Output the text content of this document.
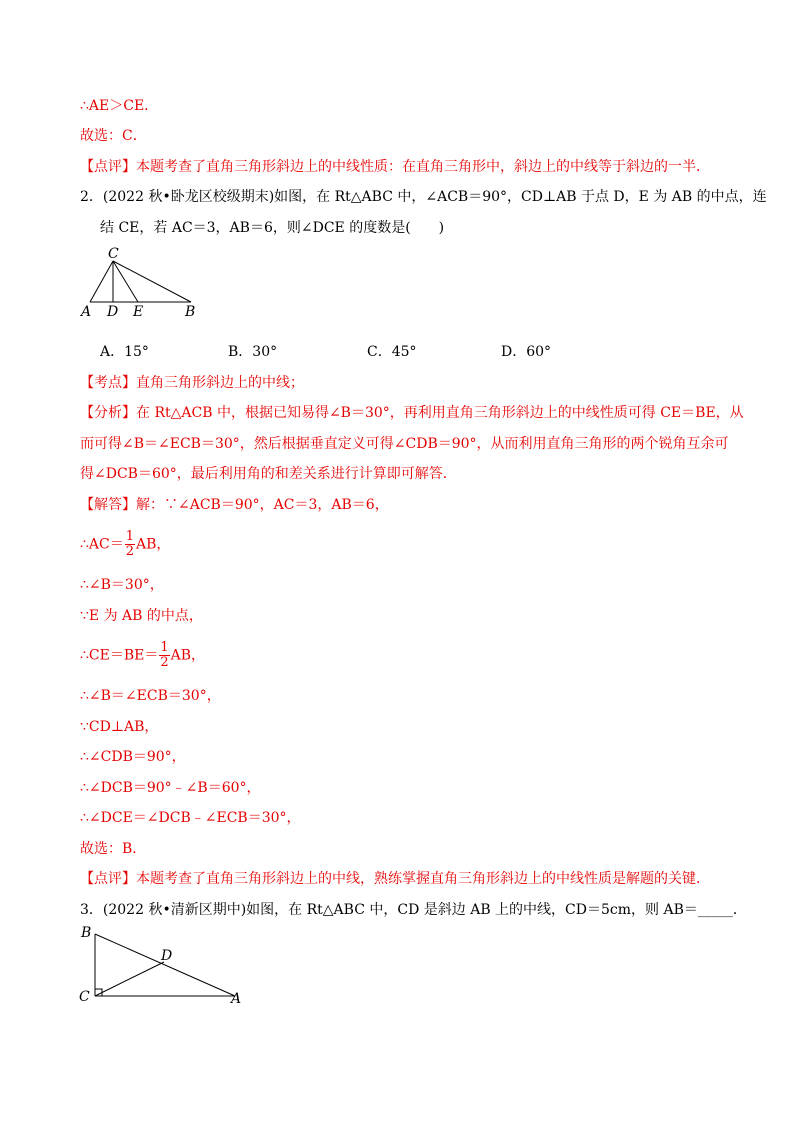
∴AE＞CE．
故选：C．
【点评】本题考查了直角三角形斜边上的中线性质：在直角三角形中，斜边上的中线等于斜边的一半．
2．(2022 秋•卧龙区校级期末)如图，在 Rt△ABC 中，∠ACB＝90°，CD⊥AB 于点 D，E 为 AB 的中点，连
结 CE，若 AC＝3，AB＝6，则∠DCE 的度数是(　　)
C
A D E	B
A．15°	B．30°	C．45°	D．60°
【考点】直角三角形斜边上的中线；
【分析】在 Rt△ACB 中，根据已知易得∠B＝30°，再利用直角三角形斜边上的中线性质可得 CE＝BE，从
而可得∠B＝∠ECB＝30°，然后根据垂直定义可得∠CDB＝90°，从而利用直角三角形的两个锐角互余可
得∠DCB＝60°，最后利用角的和差关系进行计算即可解答．
【解答】解：∵∠ACB＝90°，AC＝3，AB＝6，
∴AC＝ $\frac{1}{2}$ AB，
∴∠B＝30°，
∵E 为 AB 的中点，
∴CE＝BE＝ $\frac{1}{2}$ AB，
∴∠B＝∠ECB＝30°，
∵CD⊥AB，
∴∠CDB＝90°，
∴∠DCB＝90°﹣∠B＝60°，
∴∠DCE＝∠DCB﹣∠ECB＝30°，
故选：B．
【点评】本题考查了直角三角形斜边上的中线，熟练掌握直角三角形斜边上的中线性质是解题的关键．
3．(2022 秋•清新区期中)如图，在 Rt△ABC 中，CD 是斜边 AB 上的中线，CD＝5cm，则 AB＝_____．
B
D
C	A
